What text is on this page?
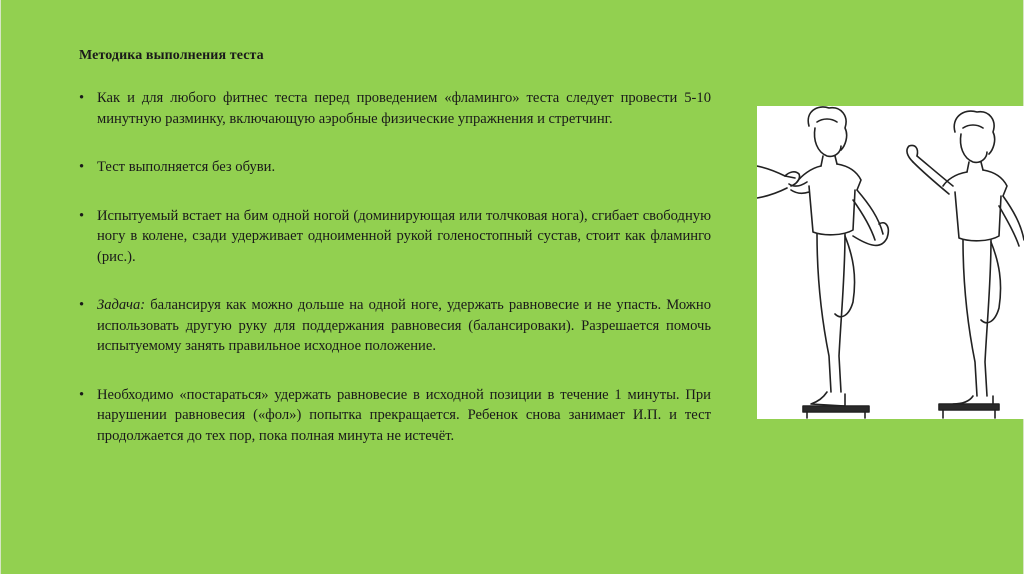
Методика выполнения теста
• Как и для любого фитнес теста перед проведением «фламинго» теста следует провести 5-10 минутную разминку, включающую аэробные физические упражнения и стретчинг.
• Тест выполняется без обуви.
• Испытуемый встает на бим одной ногой (доминирующая или толчковая нога), сгибает свободную ногу в колене, сзади удерживает одноименной рукой голеностопный сустав, стоит как фламинго (рис.).
• Задача: балансируя как можно дольше на одной ноге, удержать равновесие и не упасть. Можно использовать другую руку для поддержания равновесия (балансировaки). Разрешается помочь испытуемому занять правильное исходное положение.
• Необходимо «постараться» удержать равновесие в исходной позиции в течение 1 минуты. При нарушении равновесия («фол») попытка прекращается. Ребенок снова занимает И.П. и тест продолжается до тех пор, пока полная минута не истечёт.
